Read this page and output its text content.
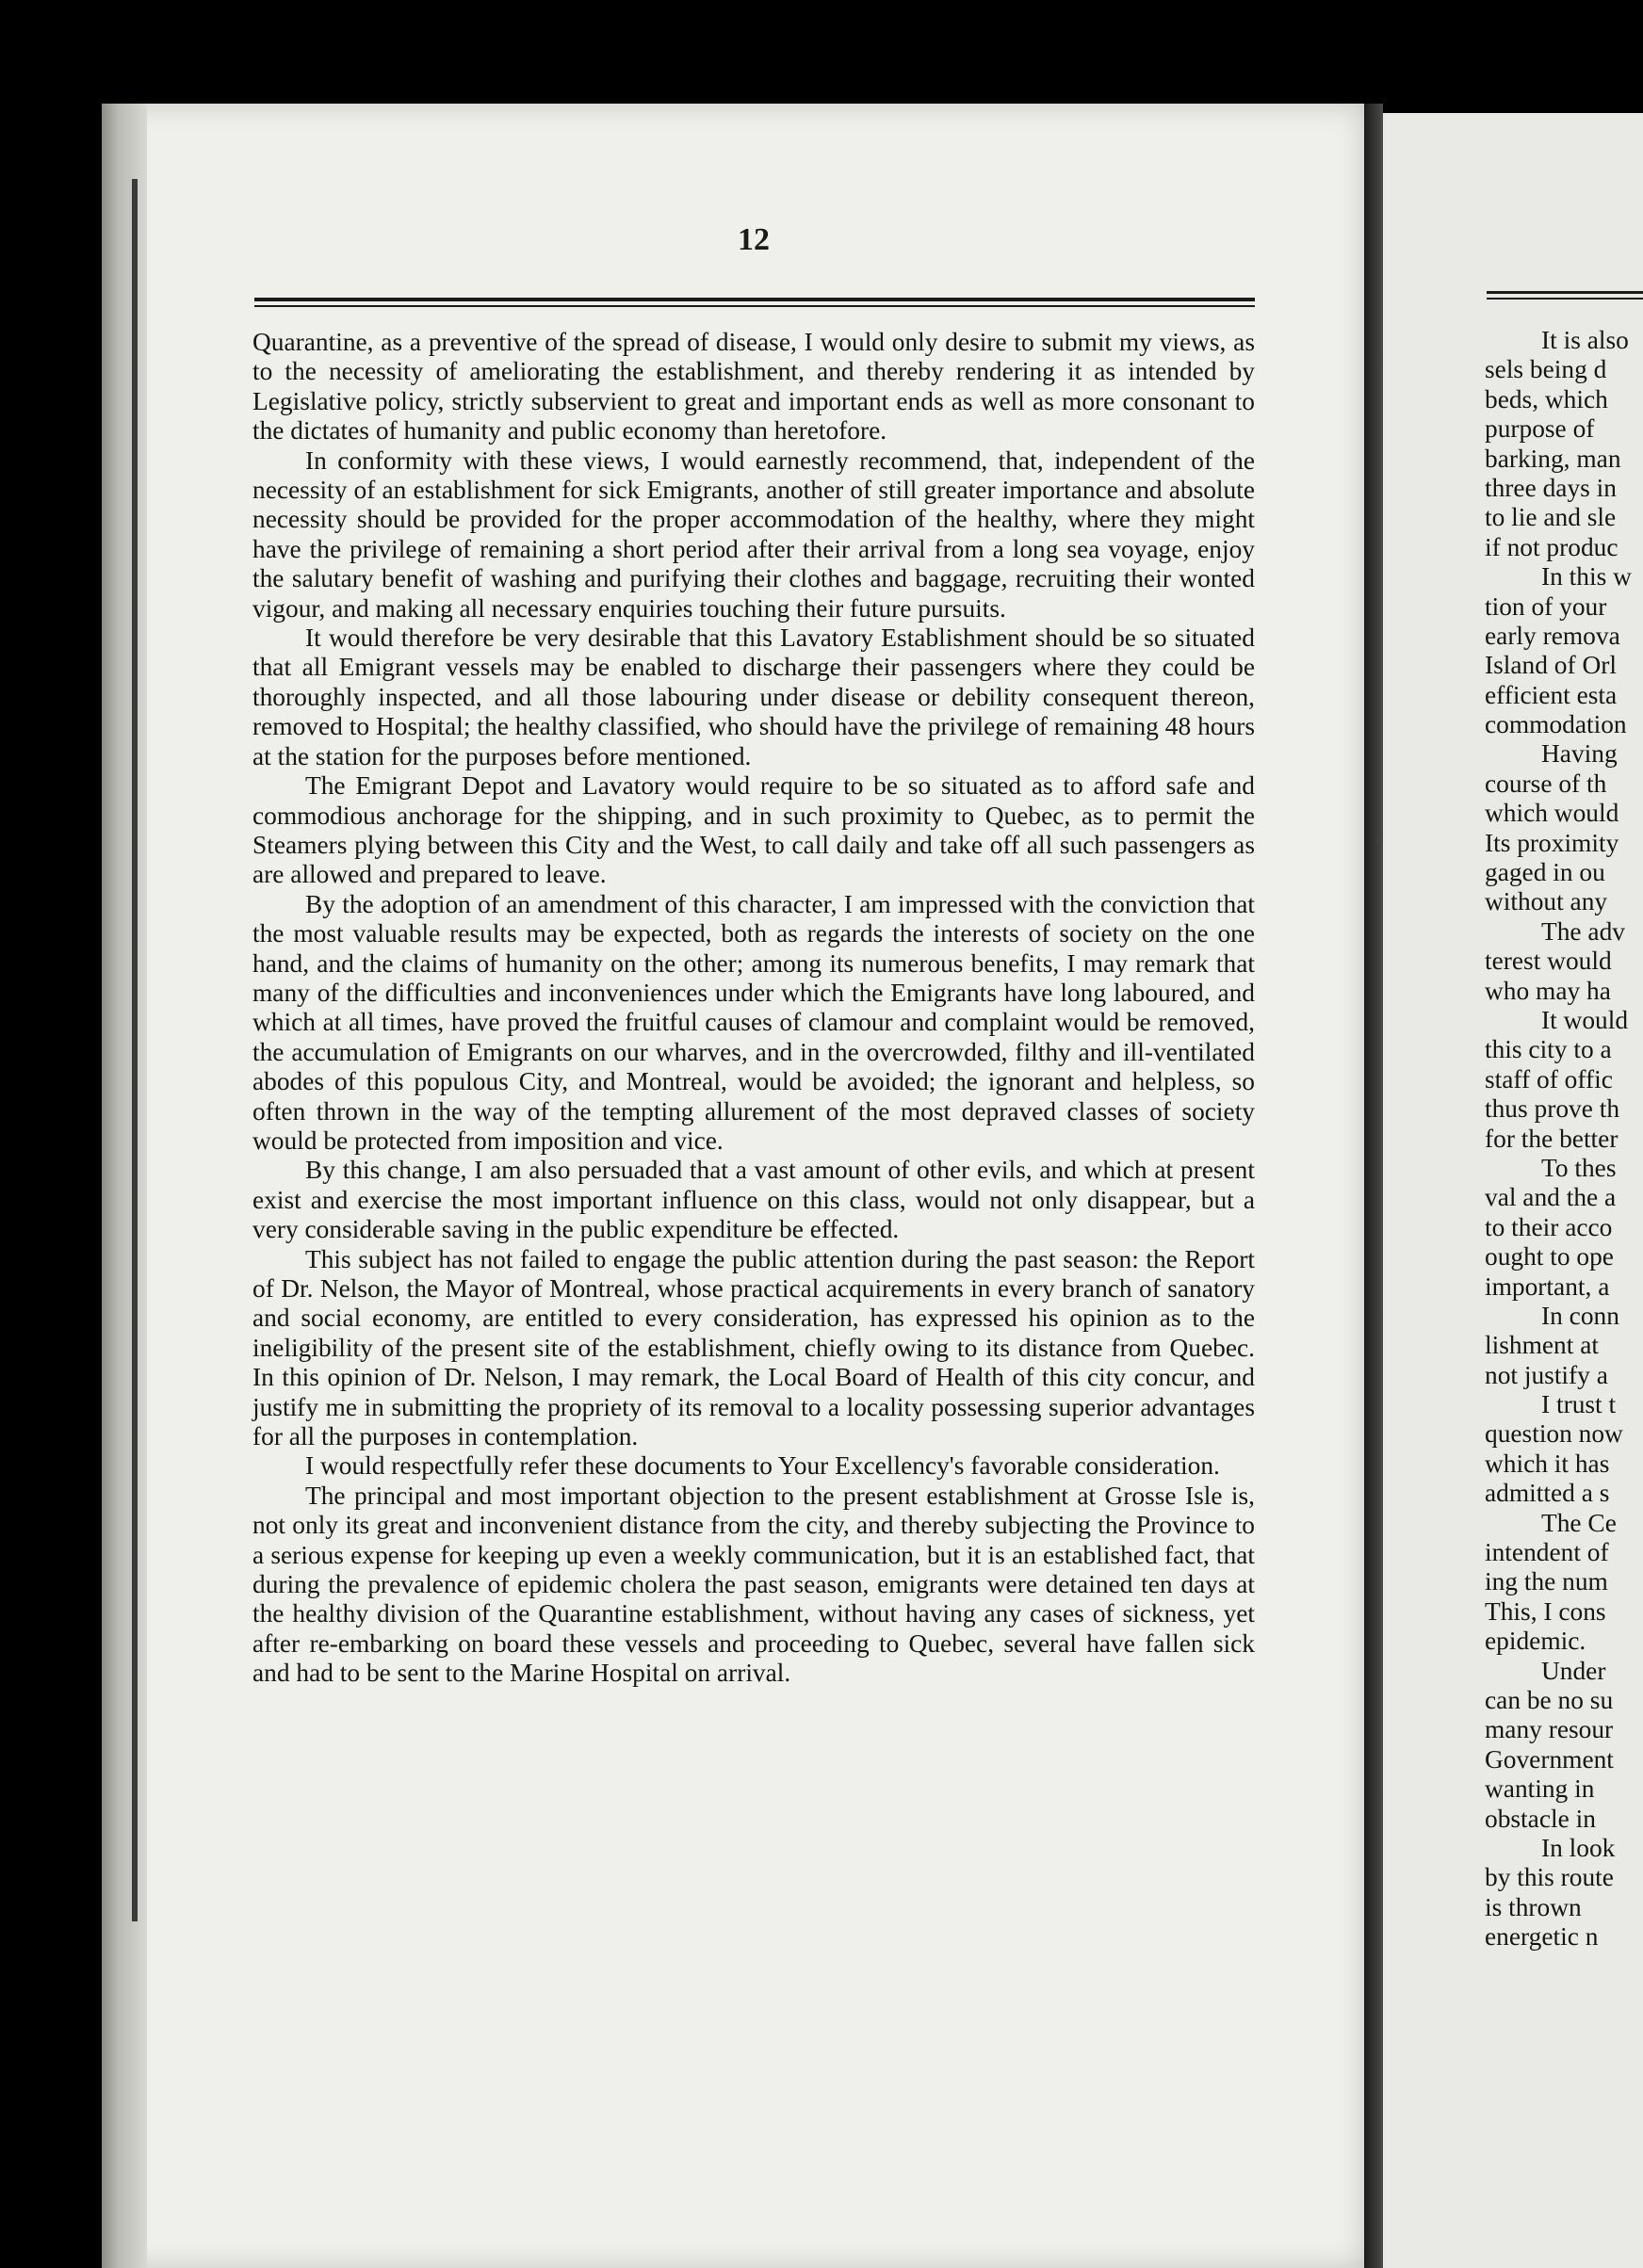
12

Quarantine, as a preventive of the spread of disease, I would only desire to submit my views, as to the necessity of ameliorating the establishment, and thereby rendering it as intended by Legislative policy, strictly subservient to great and important ends as well as more consonant to the dictates of humanity and public economy than heretofore.

In conformity with these views, I would earnestly recommend, that, independent of the necessity of an establishment for sick Emigrants, another of still greater importance and absolute necessity should be provided for the proper accommodation of the healthy, where they might have the privilege of remaining a short period after their arrival from a long sea voyage, enjoy the salutary benefit of washing and purifying their clothes and baggage, recruiting their wonted vigour, and making all necessary enquiries touching their future pursuits.

It would therefore be very desirable that this Lavatory Establishment should be so situated that all Emigrant vessels may be enabled to discharge their passengers where they could be thoroughly inspected, and all those labouring under disease or debility consequent thereon, removed to Hospital; the healthy classified, who should have the privilege of remaining 48 hours at the station for the purposes before mentioned.

The Emigrant Depot and Lavatory would require to be so situated as to afford safe and commodious anchorage for the shipping, and in such proximity to Quebec, as to permit the Steamers plying between this City and the West, to call daily and take off all such passengers as are allowed and prepared to leave.

By the adoption of an amendment of this character, I am impressed with the conviction that the most valuable results may be expected, both as regards the interests of society on the one hand, and the claims of humanity on the other; among its numerous benefits, I may remark that many of the difficulties and inconveniences under which the Emigrants have long laboured, and which at all times, have proved the fruitful causes of clamour and complaint would be removed, the accumulation of Emigrants on our wharves, and in the overcrowded, filthy and ill-ventilated abodes of this populous City, and Montreal, would be avoided; the ignorant and helpless, so often thrown in the way of the tempting allurement of the most depraved classes of society would be protected from imposition and vice.

By this change, I am also persuaded that a vast amount of other evils, and which at present exist and exercise the most important influence on this class, would not only disappear, but a very considerable saving in the public expenditure be effected.

This subject has not failed to engage the public attention during the past season: the Report of Dr. Nelson, the Mayor of Montreal, whose practical acquirements in every branch of sanatory and social economy, are entitled to every consideration, has expressed his opinion as to the ineligibility of the present site of the establishment, chiefly owing to its distance from Quebec. In this opinion of Dr. Nelson, I may remark, the Local Board of Health of this city concur, and justify me in submitting the propriety of its removal to a locality possessing superior advantages for all the purposes in contemplation.

I would respectfully refer these documents to Your Excellency's favorable consideration.

The principal and most important objection to the present establishment at Grosse Isle is, not only its great and inconvenient distance from the city, and thereby subjecting the Province to a serious expense for keeping up even a weekly communication, but it is an established fact, that during the prevalence of epidemic cholera the past season, emigrants were detained ten days at the healthy division of the Quarantine establishment, without having any cases of sickness, yet after re-embarking on board these vessels and proceeding to Quebec, several have fallen sick and had to be sent to the Marine Hospital on arrival.

It is also
sels being d
beds, which
purpose of
barking, man
three days in
to lie and sle
if not produc
In this w
tion of your
early remova
Island of Orl
efficient esta
commodation
Having
course of th
which would
Its proximity
gaged in ou
without any
The adv
terest would
who may ha
It would
this city to a
staff of offic
thus prove th
for the better
To thes
val and the a
to their acco
ought to ope
important, a
In conn
lishment at
not justify a
I trust t
question now
which it has
admitted a s
The Ce
intendent of
ing the num
This, I cons
epidemic.
Under
can be no su
many resour
Government
wanting in
obstacle in
In look
by this route
is thrown
energetic n
